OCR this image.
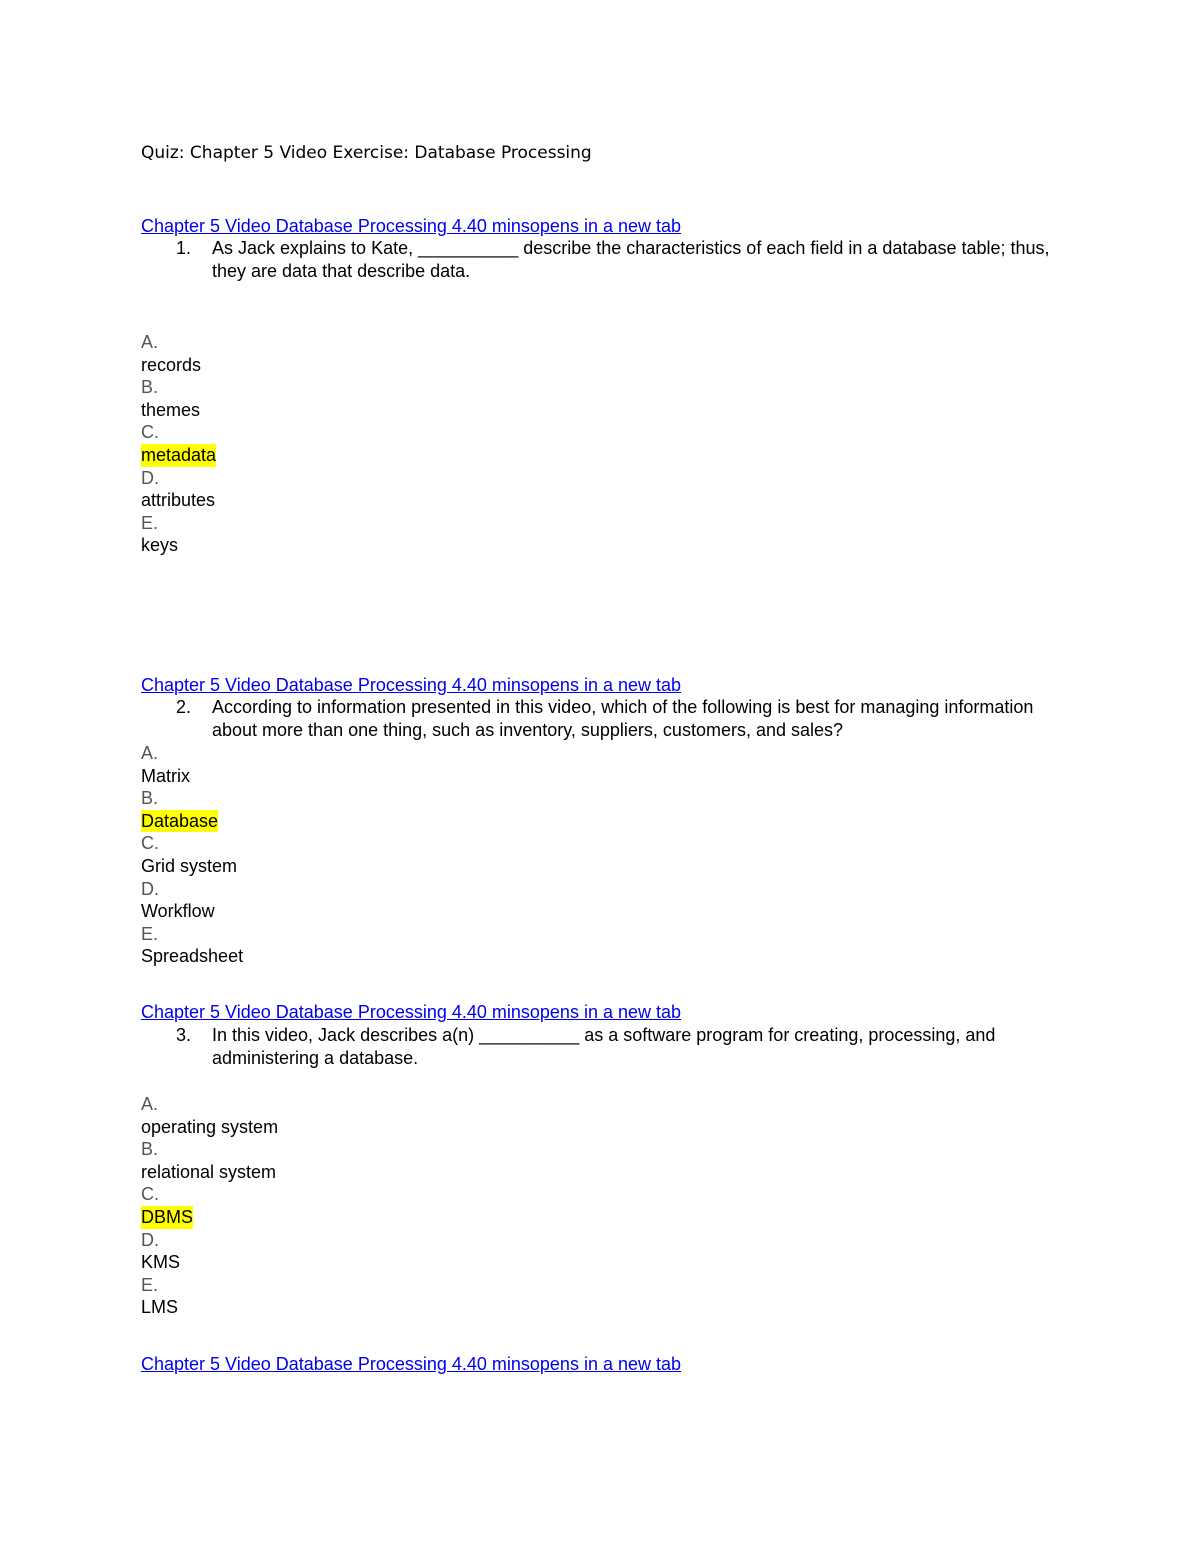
Quiz: Chapter 5 Video Exercise: Database Processing
Chapter 5 Video Database Processing 4.40 minsopens in a new tab
1. As Jack explains to Kate, __________ describe the characteristics of each field in a database table; thus, they are data that describe data.
A.
records
B.
themes
C.
metadata
D.
attributes
E.
keys
Chapter 5 Video Database Processing 4.40 minsopens in a new tab
2. According to information presented in this video, which of the following is best for managing information about more than one thing, such as inventory, suppliers, customers, and sales?
A.
Matrix
B.
Database
C.
Grid system
D.
Workflow
E.
Spreadsheet
Chapter 5 Video Database Processing 4.40 minsopens in a new tab
3. In this video, Jack describes a(n) __________ as a software program for creating, processing, and administering a database.
A.
operating system
B.
relational system
C.
DBMS
D.
KMS
E.
LMS
Chapter 5 Video Database Processing 4.40 minsopens in a new tab
